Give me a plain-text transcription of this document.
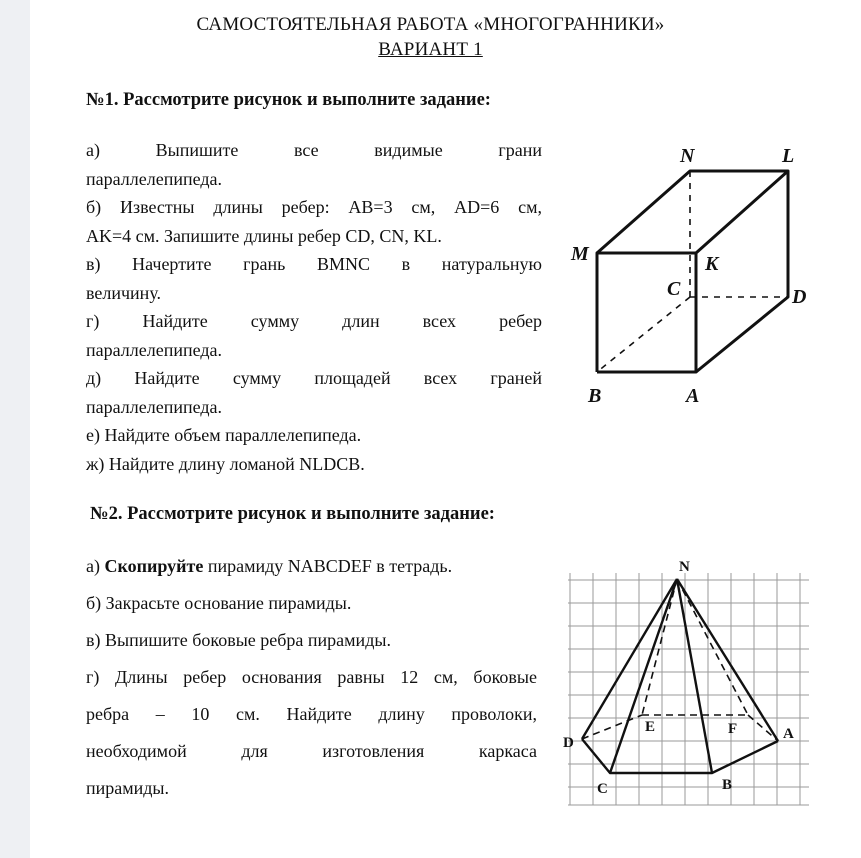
САМОСТОЯТЕЛЬНАЯ РАБОТА «МНОГОГРАННИКИ»
ВАРИАНТ 1
№1. Рассмотрите рисунок и выполните задание:
а) Выпишите все видимые грани
параллелепипеда.
б) Известны длины ребер: AB=3 см, AD=6 см,
AK=4 см. Запишите длины ребер CD, CN, KL.
в) Начертите грань BMNC в натуральную
величину.
г) Найдите сумму длин всех ребер
параллелепипеда.
д) Найдите сумму площадей всех граней
параллелепипеда.
е) Найдите объем параллелепипеда.
ж) Найдите длину ломаной NLDCB.
N	L
M	K
C	D
B	A
№2. Рассмотрите рисунок и выполните задание:
а) Скопируйте пирамиду NABCDEF в тетрадь.
б) Закрасьте основание пирамиды.
в) Выпишите боковые ребра пирамиды.
г) Длины ребер основания равны 12 см, боковые
ребра – 10 см. Найдите длину проволоки,
необходимой для изготовления каркаса
пирамиды.
N
A
B
C
D
E	F
